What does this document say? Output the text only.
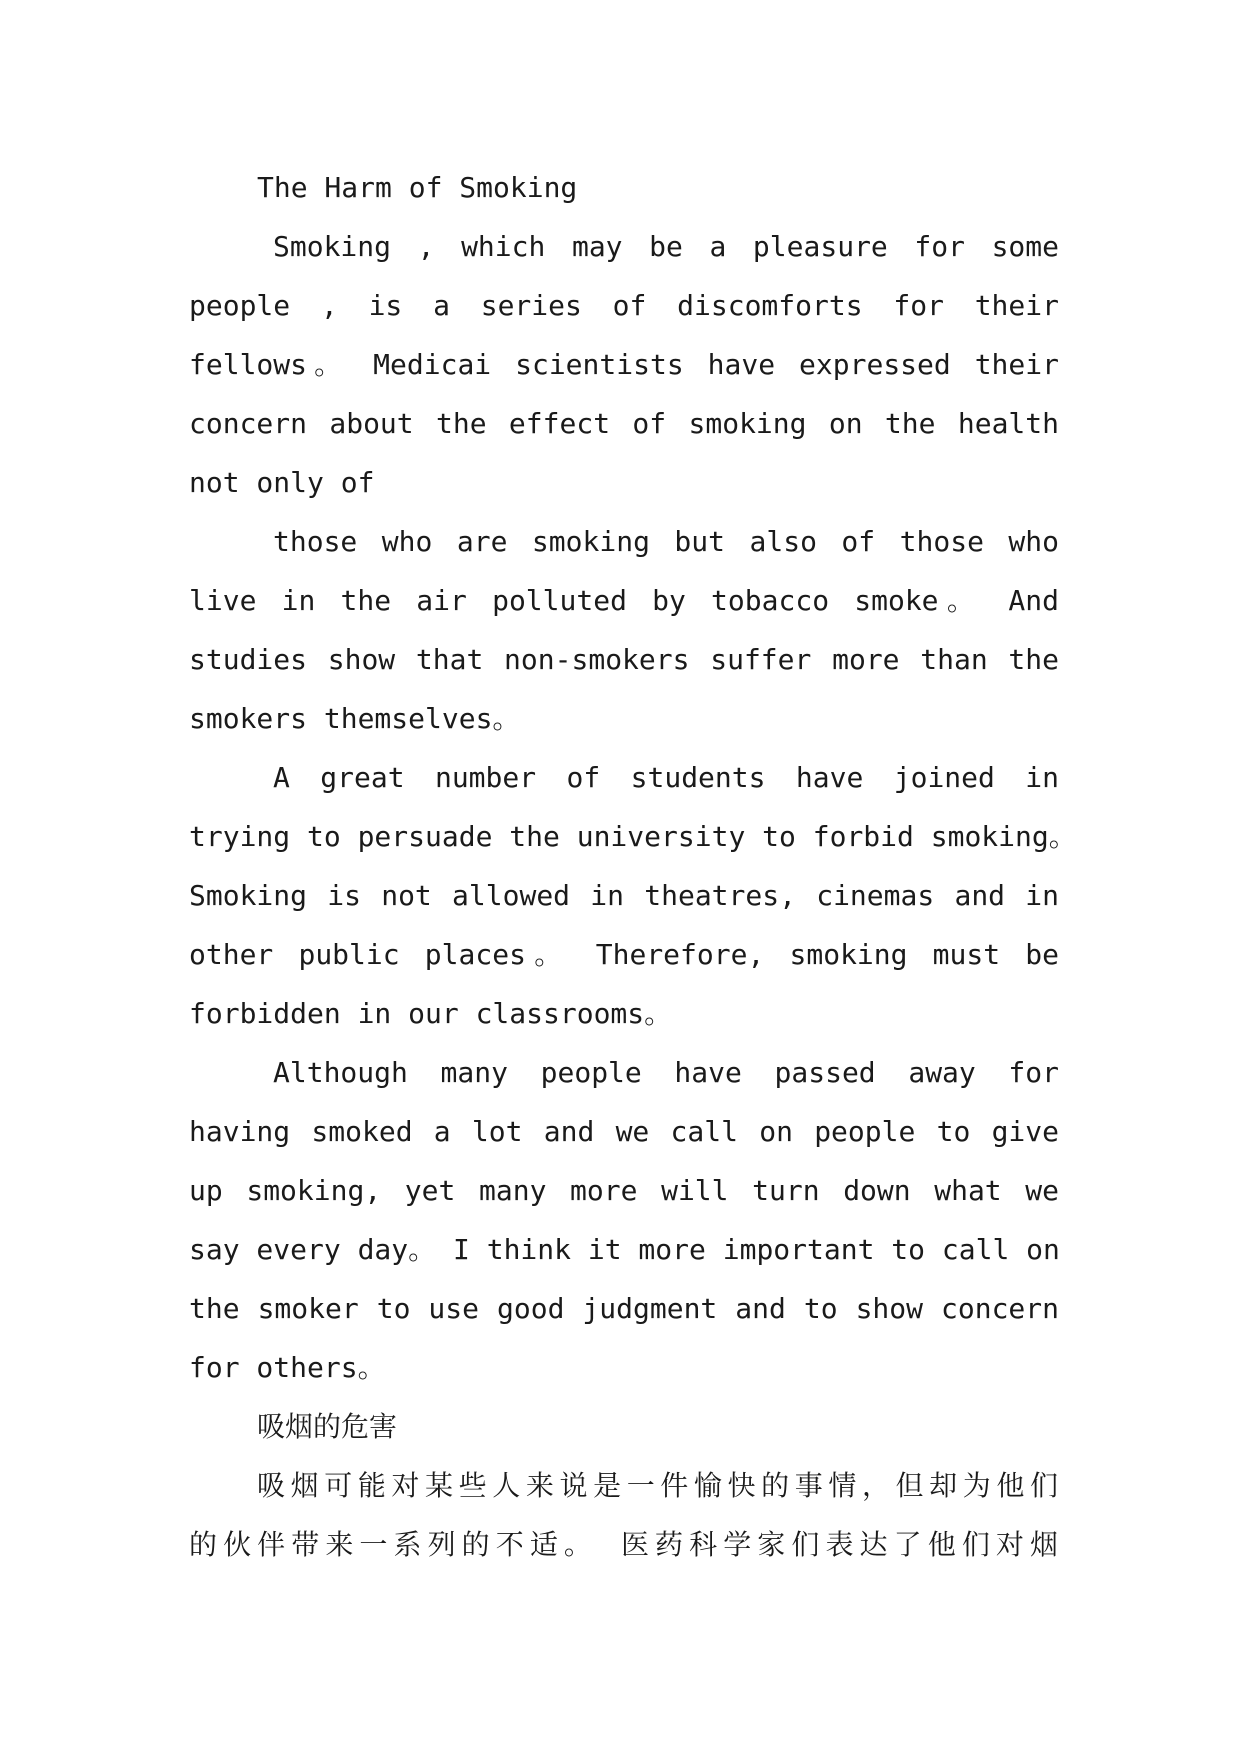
The Harm of Smoking

Smoking , which may be a pleasure for some
people , is a series of discomforts for their
fellows。 Medicai scientists have expressed their
concern about the effect of smoking on the health
not only of

those who are smoking but also of those who
live in the air polluted by tobacco smoke。 And
studies show that non-smokers suffer more than the
smokers themselves。

A great number of students have joined in
trying to persuade the university to forbid smoking。
Smoking is not allowed in theatres, cinemas and in
other public places。 Therefore, smoking must be
forbidden in our classrooms。

Although many people have passed away for
having smoked a lot and we call on people to give
up smoking, yet many more will turn down what we
say every day。 I think it more important to call on
the smoker to use good judgment and to show concern
for others。

吸烟的危害

吸烟可能对某些人来说是一件愉快的事情，但却为他们
的伙伴带来一系列的不适。 医药科学家们表达了他们对烟
